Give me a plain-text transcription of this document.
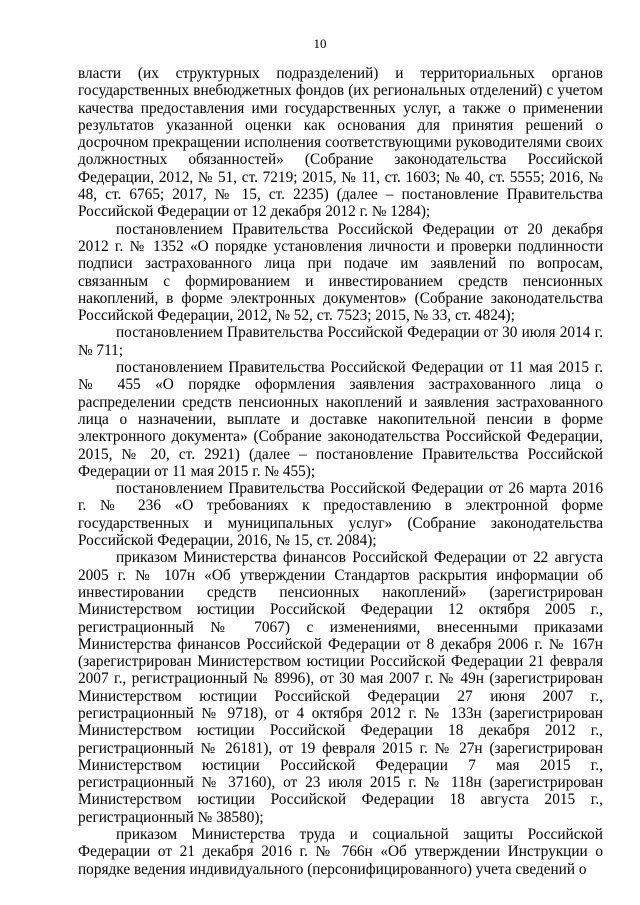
10

власти (их структурных подразделений) и территориальных органов государственных внебюджетных фондов (их региональных отделений) с учетом качества предоставления ими государственных услуг, а также о применении результатов указанной оценки как основания для принятия решений о досрочном прекращении исполнения соответствующими руководителями своих должностных обязанностей» (Собрание законодательства Российской Федерации, 2012, № 51, ст. 7219; 2015, № 11, ст. 1603; № 40, ст. 5555; 2016, № 48, ст. 6765; 2017, № 15, ст. 2235) (далее – постановление Правительства Российской Федерации от 12 декабря 2012 г. № 1284);

постановлением Правительства Российской Федерации от 20 декабря 2012 г. № 1352 «О порядке установления личности и проверки подлинности подписи застрахованного лица при подаче им заявлений по вопросам, связанным с формированием и инвестированием средств пенсионных накоплений, в форме электронных документов» (Собрание законодательства Российской Федерации, 2012, № 52, ст. 7523; 2015, № 33, ст. 4824);

постановлением Правительства Российской Федерации от 30 июля 2014 г. № 711;

постановлением Правительства Российской Федерации от 11 мая 2015 г. № 455 «О порядке оформления заявления застрахованного лица о распределении средств пенсионных накоплений и заявления застрахованного лица о назначении, выплате и доставке накопительной пенсии в форме электронного документа» (Собрание законодательства Российской Федерации, 2015, № 20, ст. 2921) (далее – постановление Правительства Российской Федерации от 11 мая 2015 г. № 455);

постановлением Правительства Российской Федерации от 26 марта 2016 г. № 236 «О требованиях к предоставлению в электронной форме государственных и муниципальных услуг» (Собрание законодательства Российской Федерации, 2016, № 15, ст. 2084);

приказом Министерства финансов Российской Федерации от 22 августа 2005 г. № 107н «Об утверждении Стандартов раскрытия информации об инвестировании средств пенсионных накоплений» (зарегистрирован Министерством юстиции Российской Федерации 12 октября 2005 г., регистрационный № 7067) с изменениями, внесенными приказами Министерства финансов Российской Федерации от 8 декабря 2006 г. № 167н (зарегистрирован Министерством юстиции Российской Федерации 21 февраля 2007 г., регистрационный № 8996), от 30 мая 2007 г. № 49н (зарегистрирован Министерством юстиции Российской Федерации 27 июня 2007 г., регистрационный № 9718), от 4 октября 2012 г. № 133н (зарегистрирован Министерством юстиции Российской Федерации 18 декабря 2012 г., регистрационный № 26181), от 19 февраля 2015 г. № 27н (зарегистрирован Министерством юстиции Российской Федерации 7 мая 2015 г., регистрационный № 37160), от 23 июля 2015 г. № 118н (зарегистрирован Министерством юстиции Российской Федерации 18 августа 2015 г., регистрационный № 38580);

приказом Министерства труда и социальной защиты Российской Федерации от 21 декабря 2016 г. № 766н «Об утверждении Инструкции о порядке ведения индивидуального (персонифицированного) учета сведений о
